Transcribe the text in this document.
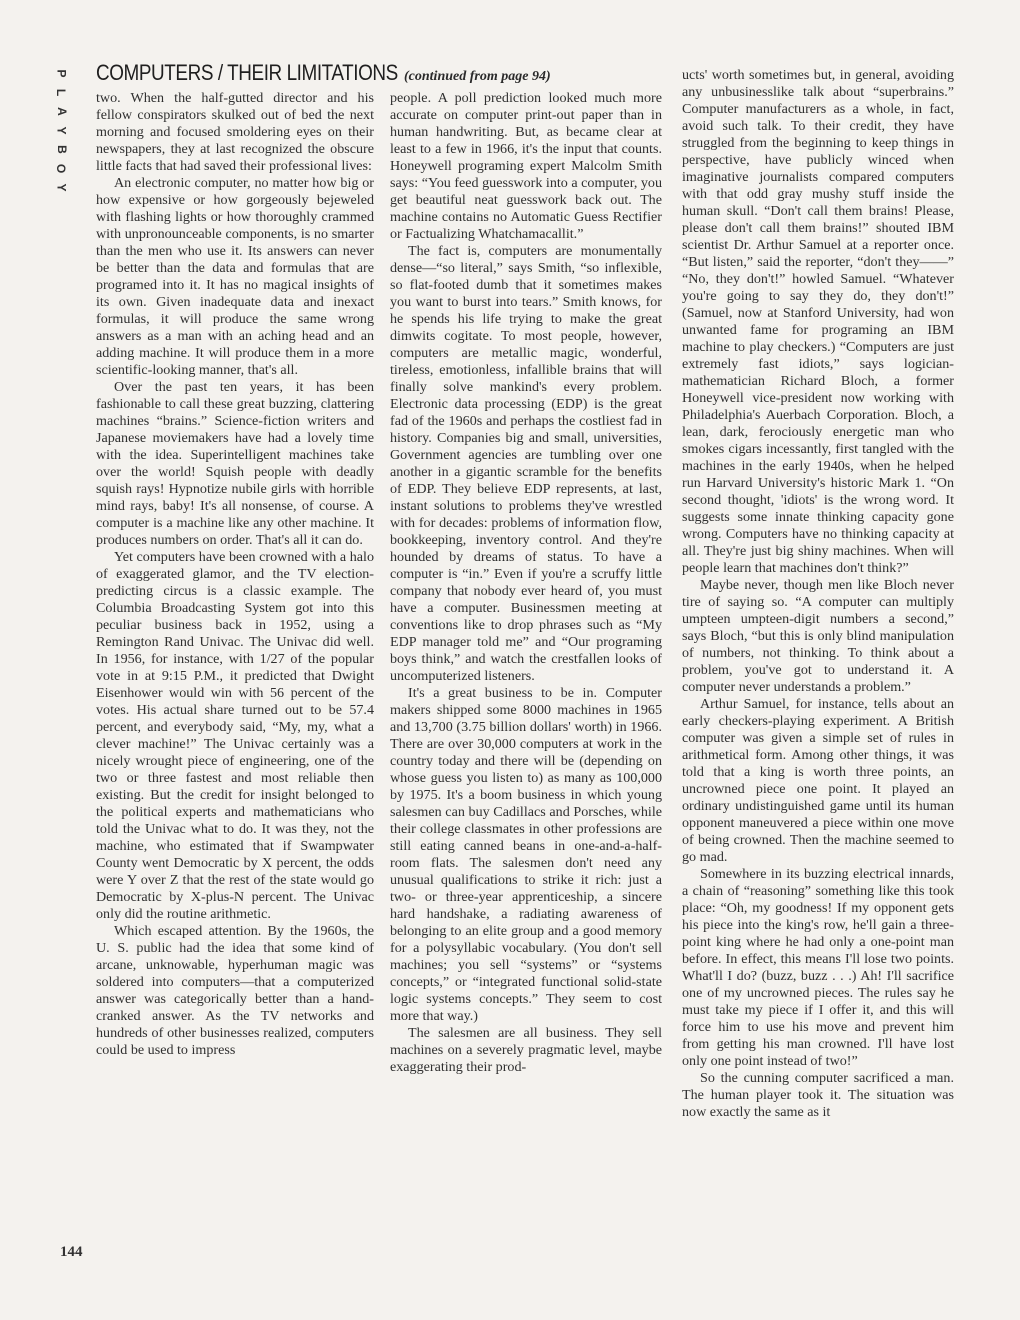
P
L
A
Y
B
O
Y
COMPUTERS / THEIR LIMITATIONS (continued from page 94)

two. When the half-gutted director and his fellow conspirators skulked out of bed the next morning and focused smoldering eyes on their newspapers, they at last recognized the obscure little facts that had saved their professional lives:

An electronic computer, no matter how big or how expensive or how gorgeously bejeweled with flashing lights or how thoroughly crammed with unpronounceable components, is no smarter than the men who use it. Its answers can never be better than the data and formulas that are programed into it. It has no magical insights of its own. Given inadequate data and inexact formulas, it will produce the same wrong answers as a man with an aching head and an adding machine. It will produce them in a more scientific-looking manner, that's all.

Over the past ten years, it has been fashionable to call these great buzzing, clattering machines “brains.” Science-fiction writers and Japanese moviemakers have had a lovely time with the idea. Superintelligent machines take over the world! Squish people with deadly squish rays! Hypnotize nubile girls with horrible mind rays, baby! It's all nonsense, of course. A computer is a machine like any other machine. It produces numbers on order. That's all it can do.

Yet computers have been crowned with a halo of exaggerated glamor, and the TV election-predicting circus is a classic example. The Columbia Broadcasting System got into this peculiar business back in 1952, using a Remington Rand Univac. The Univac did well. In 1956, for instance, with 1/27 of the popular vote in at 9:15 P.M., it predicted that Dwight Eisenhower would win with 56 percent of the votes. His actual share turned out to be 57.4 percent, and everybody said, “My, my, what a clever machine!” The Univac certainly was a nicely wrought piece of engineering, one of the two or three fastest and most reliable then existing. But the credit for insight belonged to the political experts and mathematicians who told the Univac what to do. It was they, not the machine, who estimated that if Swampwater County went Democratic by X percent, the odds were Y over Z that the rest of the state would go Democratic by X-plus-N percent. The Univac only did the routine arithmetic.

Which escaped attention. By the 1960s, the U. S. public had the idea that some kind of arcane, unknowable, hyperhuman magic was soldered into computers—that a computerized answer was categorically better than a hand-cranked answer. As the TV networks and hundreds of other businesses realized, computers could be used to impress

people. A poll prediction looked much more accurate on computer print-out paper than in human handwriting. But, as became clear at least to a few in 1966, it's the input that counts. Honeywell programing expert Malcolm Smith says: “You feed guesswork into a computer, you get beautiful neat guesswork back out. The machine contains no Automatic Guess Rectifier or Factualizing Whatchamacallit.”

The fact is, computers are monumentally dense—“so literal,” says Smith, “so inflexible, so flat-footed dumb that it sometimes makes you want to burst into tears.” Smith knows, for he spends his life trying to make the great dimwits cogitate. To most people, however, computers are metallic magic, wonderful, tireless, emotionless, infallible brains that will finally solve mankind's every problem. Electronic data processing (EDP) is the great fad of the 1960s and perhaps the costliest fad in history. Companies big and small, universities, Government agencies are tumbling over one another in a gigantic scramble for the benefits of EDP. They believe EDP represents, at last, instant solutions to problems they've wrestled with for decades: problems of information flow, bookkeeping, inventory control. And they're hounded by dreams of status. To have a computer is “in.” Even if you're a scruffy little company that nobody ever heard of, you must have a computer. Businessmen meeting at conventions like to drop phrases such as “My EDP manager told me” and “Our programing boys think,” and watch the crestfallen looks of uncomputerized listeners.

It's a great business to be in. Computer makers shipped some 8000 machines in 1965 and 13,700 (3.75 billion dollars' worth) in 1966. There are over 30,000 computers at work in the country today and there will be (depending on whose guess you listen to) as many as 100,000 by 1975. It's a boom business in which young salesmen can buy Cadillacs and Porsches, while their college classmates in other professions are still eating canned beans in one-and-a-half-room flats. The salesmen don't need any unusual qualifications to strike it rich: just a two- or three-year apprenticeship, a sincere hard handshake, a radiating awareness of belonging to an elite group and a good memory for a polysyllabic vocabulary. (You don't sell machines; you sell “systems” or “systems concepts,” or “integrated functional solid-state logic systems concepts.” They seem to cost more that way.)

The salesmen are all business. They sell machines on a severely pragmatic level, maybe exaggerating their prod-

ucts' worth sometimes but, in general, avoiding any unbusinesslike talk about “superbrains.” Computer manufacturers as a whole, in fact, avoid such talk. To their credit, they have struggled from the beginning to keep things in perspective, have publicly winced when imaginative journalists compared computers with that odd gray mushy stuff inside the human skull. “Don't call them brains! Please, please don't call them brains!” shouted IBM scientist Dr. Arthur Samuel at a reporter once. “But listen,” said the reporter, “don't they——” “No, they don't!” howled Samuel. “Whatever you're going to say they do, they don't!” (Samuel, now at Stanford University, had won unwanted fame for programing an IBM machine to play checkers.) “Computers are just extremely fast idiots,” says logician-mathematician Richard Bloch, a former Honeywell vice-president now working with Philadelphia's Auerbach Corporation. Bloch, a lean, dark, ferociously energetic man who smokes cigars incessantly, first tangled with the machines in the early 1940s, when he helped run Harvard University's historic Mark 1. “On second thought, 'idiots' is the wrong word. It suggests some innate thinking capacity gone wrong. Computers have no thinking capacity at all. They're just big shiny machines. When will people learn that machines don't think?”

Maybe never, though men like Bloch never tire of saying so. “A computer can multiply umpteen umpteen-digit numbers a second,” says Bloch, “but this is only blind manipulation of numbers, not thinking. To think about a problem, you've got to understand it. A computer never understands a problem.”

Arthur Samuel, for instance, tells about an early checkers-playing experiment. A British computer was given a simple set of rules in arithmetical form. Among other things, it was told that a king is worth three points, an uncrowned piece one point. It played an ordinary undistinguished game until its human opponent maneuvered a piece within one move of being crowned. Then the machine seemed to go mad.

Somewhere in its buzzing electrical innards, a chain of “reasoning” something like this took place: “Oh, my goodness! If my opponent gets his piece into the king's row, he'll gain a three-point king where he had only a one-point man before. In effect, this means I'll lose two points. What'll I do? (buzz, buzz . . .) Ah! I'll sacrifice one of my uncrowned pieces. The rules say he must take my piece if I offer it, and this will force him to use his move and prevent him from getting his man crowned. I'll have lost only one point instead of two!”

So the cunning computer sacrificed a man. The human player took it. The situation was now exactly the same as it

144
